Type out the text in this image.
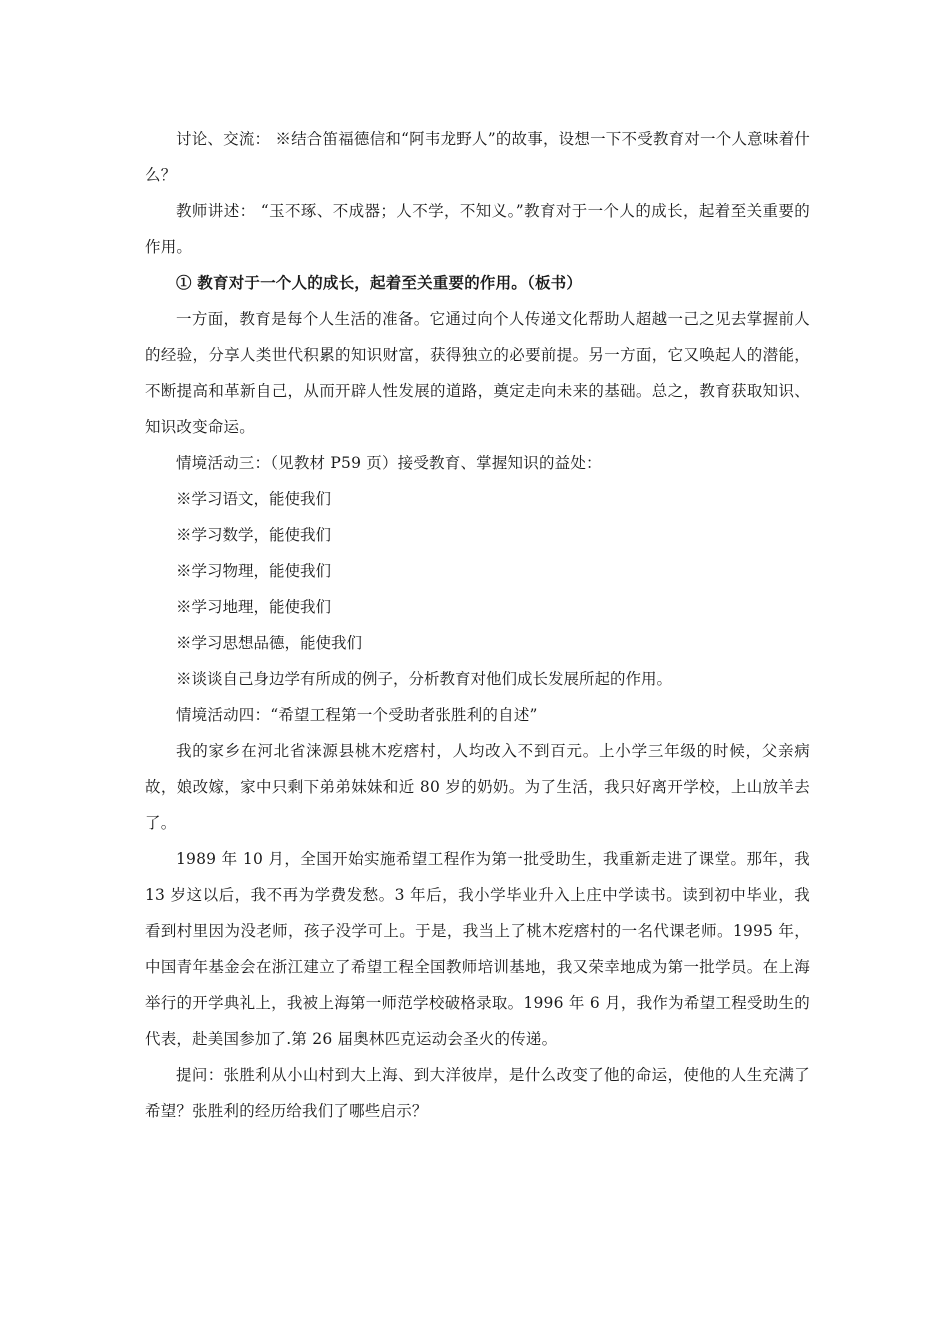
讨论、交流： ※结合笛福德信和“阿韦龙野人”的故事，设想一下不受教育对一个人意味着什么？

教师讲述： “玉不琢、不成器；人不学，不知义。”教育对于一个人的成长，起着至关重要的作用。

① 教育对于一个人的成长，起着至关重要的作用。（板书）

一方面，教育是每个人生活的准备。它通过向个人传递文化帮助人超越一己之见去掌握前人的经验，分享人类世代积累的知识财富，获得独立的必要前提。另一方面，它又唤起人的潜能，不断提高和革新自己，从而开辟人性发展的道路，奠定走向未来的基础。总之，教育获取知识、知识改变命运。

情境活动三：（见教材 P59 页）接受教育、掌握知识的益处：

※学习语文，能使我们

※学习数学，能使我们

※学习物理，能使我们

※学习地理，能使我们

※学习思想品德，能使我们

※谈谈自己身边学有所成的例子，分析教育对他们成长发展所起的作用。

情境活动四：“希望工程第一个受助者张胜利的自述”

我的家乡在河北省涞源县桃木疙瘩村，人均改入不到百元。上小学三年级的时候，父亲病故，娘改嫁，家中只剩下弟弟妹妹和近 80 岁的奶奶。为了生活，我只好离开学校，上山放羊去了。

1989 年 10 月，全国开始实施希望工程作为第一批受助生，我重新走进了课堂。那年，我 13 岁这以后，我不再为学费发愁。3 年后，我小学毕业升入上庄中学读书。读到初中毕业，我看到村里因为没老师，孩子没学可上。于是，我当上了桃木疙瘩村的一名代课老师。1995 年，中国青年基金会在浙江建立了希望工程全国教师培训基地，我又荣幸地成为第一批学员。在上海举行的开学典礼上，我被上海第一师范学校破格录取。1996 年 6 月，我作为希望工程受助生的代表，赴美国参加了.第 26 届奥林匹克运动会圣火的传递。

提问：张胜利从小山村到大上海、到大洋彼岸，是什么改变了他的命运，使他的人生充满了希望？张胜利的经历给我们了哪些启示？
